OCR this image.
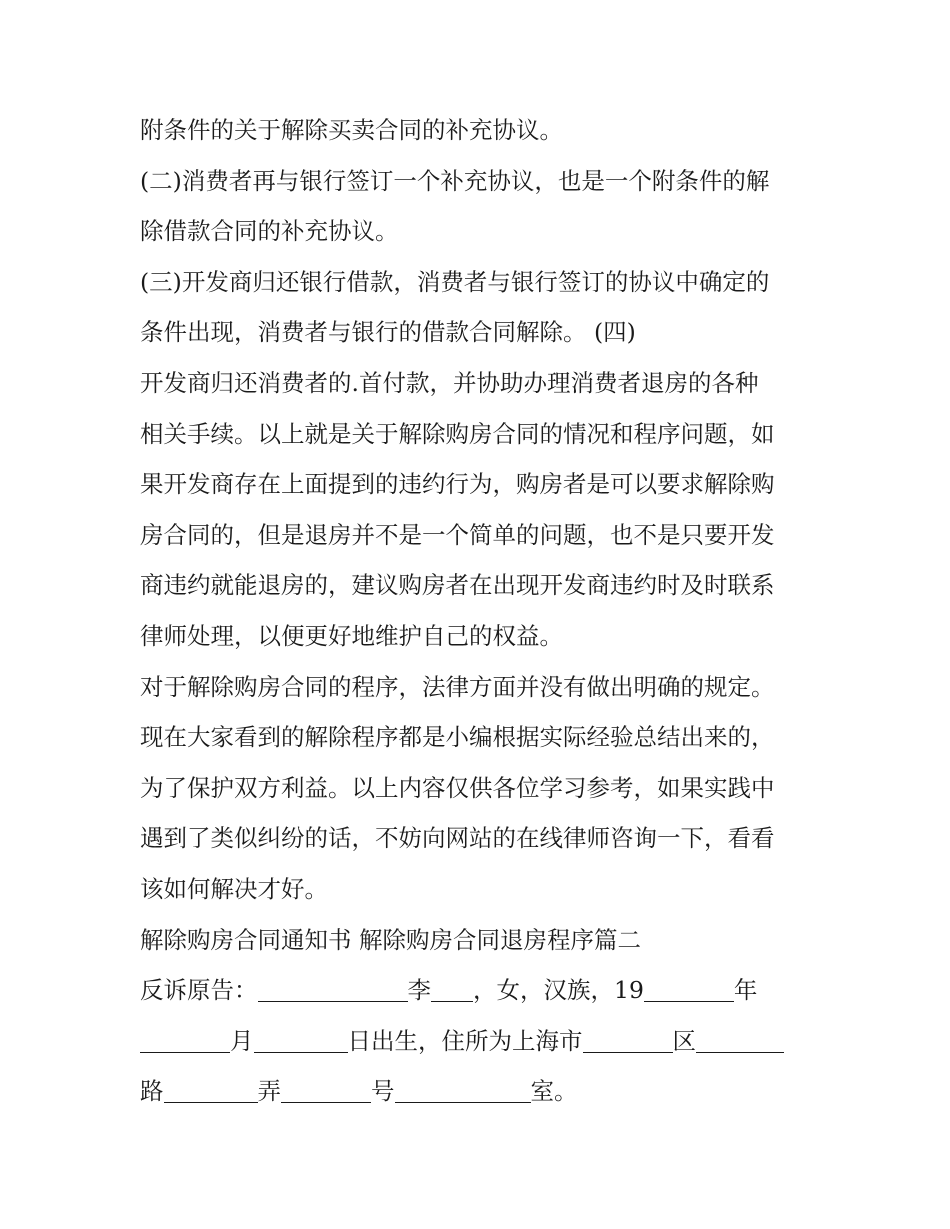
附条件的关于解除买卖合同的补充协议。
(二)消费者再与银行签订一个补充协议，也是一个附条件的解
除借款合同的补充协议。
(三)开发商归还银行借款，消费者与银行签订的协议中确定的
条件出现，消费者与银行的借款合同解除。 (四)
开发商归还消费者的.首付款，并协助办理消费者退房的各种
相关手续。以上就是关于解除购房合同的情况和程序问题，如
果开发商存在上面提到的违约行为，购房者是可以要求解除购
房合同的，但是退房并不是一个简单的问题，也不是只要开发
商违约就能退房的，建议购房者在出现开发商违约时及时联系
律师处理，以便更好地维护自己的权益。
对于解除购房合同的程序，法律方面并没有做出明确的规定。
现在大家看到的解除程序都是小编根据实际经验总结出来的，
为了保护双方利益。以上内容仅供各位学习参考，如果实践中
遇到了类似纠纷的话，不妨向网站的在线律师咨询一下，看看
该如何解决才好。
解除购房合同通知书 解除购房合同退房程序篇二
反诉原告：	李 ，女，汉族，19	年
月	日出生，住所为上海市	区
路	弄	号	室。
